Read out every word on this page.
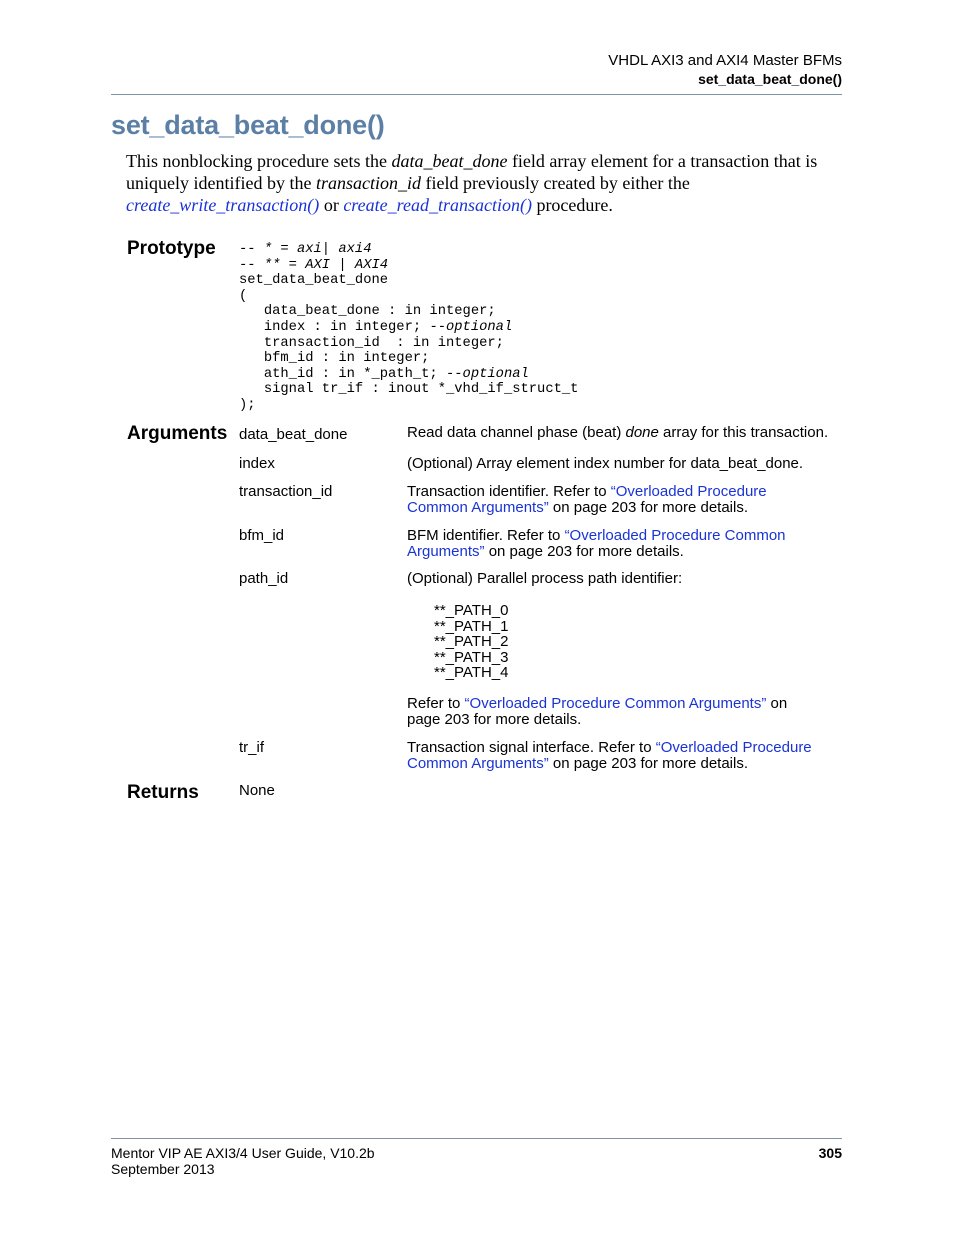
VHDL AXI3 and AXI4 Master BFMs
set_data_beat_done()
set_data_beat_done()
This nonblocking procedure sets the data_beat_done field array element for a transaction that is uniquely identified by the transaction_id field previously created by either the
create_write_transaction() or create_read_transaction() procedure.
Prototype -- * = axi| axi4
-- ** = AXI | AXI4
set_data_beat_done
(
data_beat_done : in integer;
index : in integer; --optional
transaction_id  : in integer;
bfm_id : in integer;
ath_id : in *_path_t; --optional
signal tr_if : inout *_vhd_if_struct_t
);
Arguments data_beat_done	Read data channel phase (beat) done array for this transaction.
index	(Optional) Array element index number for data_beat_done.
transaction_id	Transaction identifier. Refer to “Overloaded Procedure Common Arguments” on page 203 for more details.
bfm_id	BFM identifier. Refer to “Overloaded Procedure Common Arguments” on page 203 for more details.
path_id	(Optional) Parallel process path identifier:
**_PATH_0
**_PATH_1
**_PATH_2
**_PATH_3
**_PATH_4
Refer to “Overloaded Procedure Common Arguments” on page 203 for more details.
tr_if	Transaction signal interface. Refer to “Overloaded Procedure Common Arguments” on page 203 for more details.
Returns	None
Mentor VIP AE AXI3/4 User Guide, V10.2b
September 2013
305
